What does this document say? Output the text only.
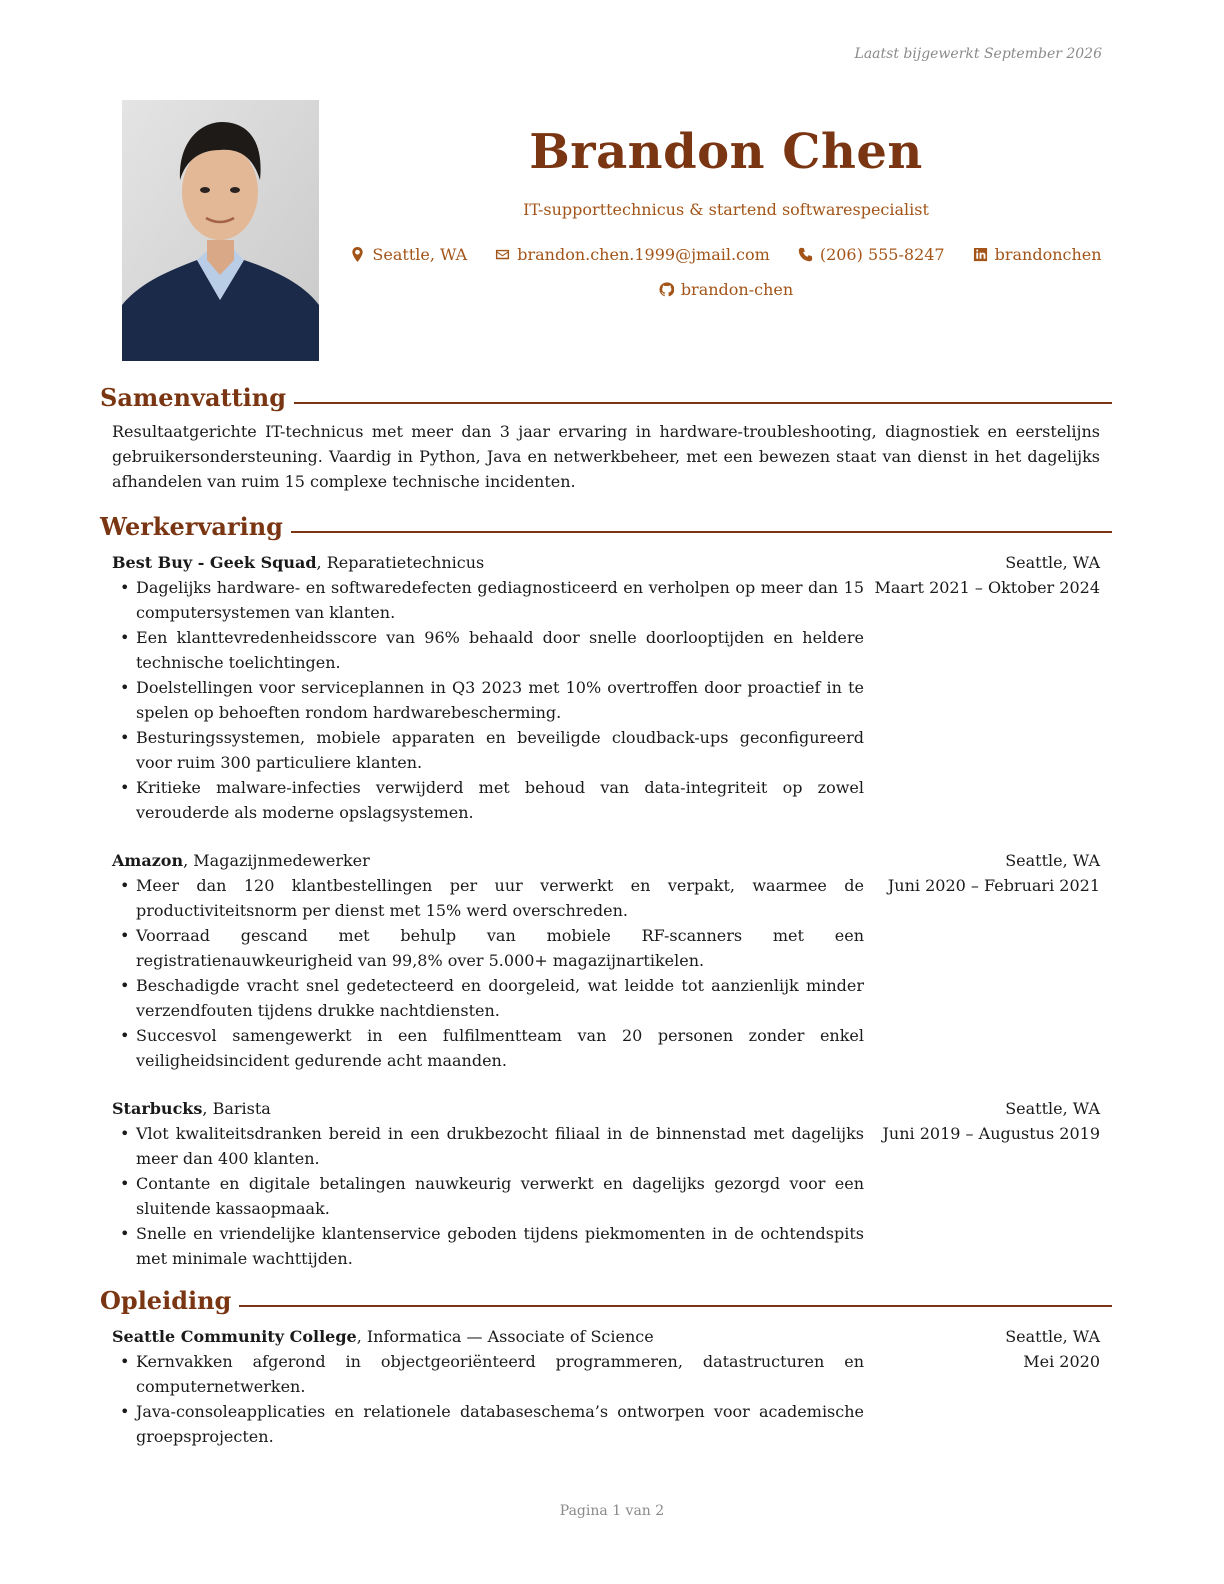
Laatst bijgewerkt September 2026
Brandon Chen
IT-supporttechnicus & startend softwarespecialist
Seattle, WA	brandon.chen.1999@jmail.com	(206) 555-8247	brandonchen
brandon-chen
Samenvatting

Resultaatgerichte IT-technicus met meer dan 3 jaar ervaring in hardware-troubleshooting, diagnostiek en eerstelijns gebruikersondersteuning. Vaardig in Python, Java en netwerkbeheer, met een bewezen staat van dienst in het dagelijks afhandelen van ruim 15 complexe technische incidenten.

Werkervaring
Best Buy - Geek Squad, Reparatietechnicus	Seattle, WA
Maart 2021 – Oktober 2024
• Dagelijks hardware- en softwaredefecten gediagnosticeerd en verholpen op meer dan 15 computersystemen van klanten.
• Een klanttevredenheidsscore van 96% behaald door snelle doorlooptijden en heldere technische toelichtingen.
• Doelstellingen voor serviceplannen in Q3 2023 met 10% overtroffen door proactief in te spelen op behoeften rondom hardwarebescherming.
• Besturingssystemen, mobiele apparaten en beveiligde cloudback-ups geconfigureerd voor ruim 300 particuliere klanten.
• Kritieke malware-infecties verwijderd met behoud van data-integriteit op zowel verouderde als moderne opslagsystemen.
Amazon, Magazijnmedewerker	Seattle, WA
Juni 2020 – Februari 2021
• Meer dan 120 klantbestellingen per uur verwerkt en verpakt, waarmee de productiviteitsnorm per dienst met 15% werd overschreden.
• Voorraad gescand met behulp van mobiele RF-scanners met een registratienauwkeurigheid van 99,8% over 5.000+ magazijnartikelen.
• Beschadigde vracht snel gedetecteerd en doorgeleid, wat leidde tot aanzienlijk minder verzendfouten tijdens drukke nachtdiensten.
• Succesvol samengewerkt in een fulfilmentteam van 20 personen zonder enkel veiligheidsincident gedurende acht maanden.
Starbucks, Barista	Seattle, WA
Juni 2019 – Augustus 2019
• Vlot kwaliteitsdranken bereid in een drukbezocht filiaal in de binnenstad met dagelijks meer dan 400 klanten.
• Contante en digitale betalingen nauwkeurig verwerkt en dagelijks gezorgd voor een sluitende kassaopmaak.
• Snelle en vriendelijke klantenservice geboden tijdens piekmomenten in de ochtendspits met minimale wachttijden.
Opleiding
Seattle Community College, Informatica — Associate of Science	Seattle, WA
Mei 2020
• Kernvakken afgerond in objectgeoriënteerd programmeren, datastructuren en computernetwerken.
• Java-consoleapplicaties en relationele databaseschema’s ontworpen voor academische groepsprojecten.
Pagina 1 van 2
